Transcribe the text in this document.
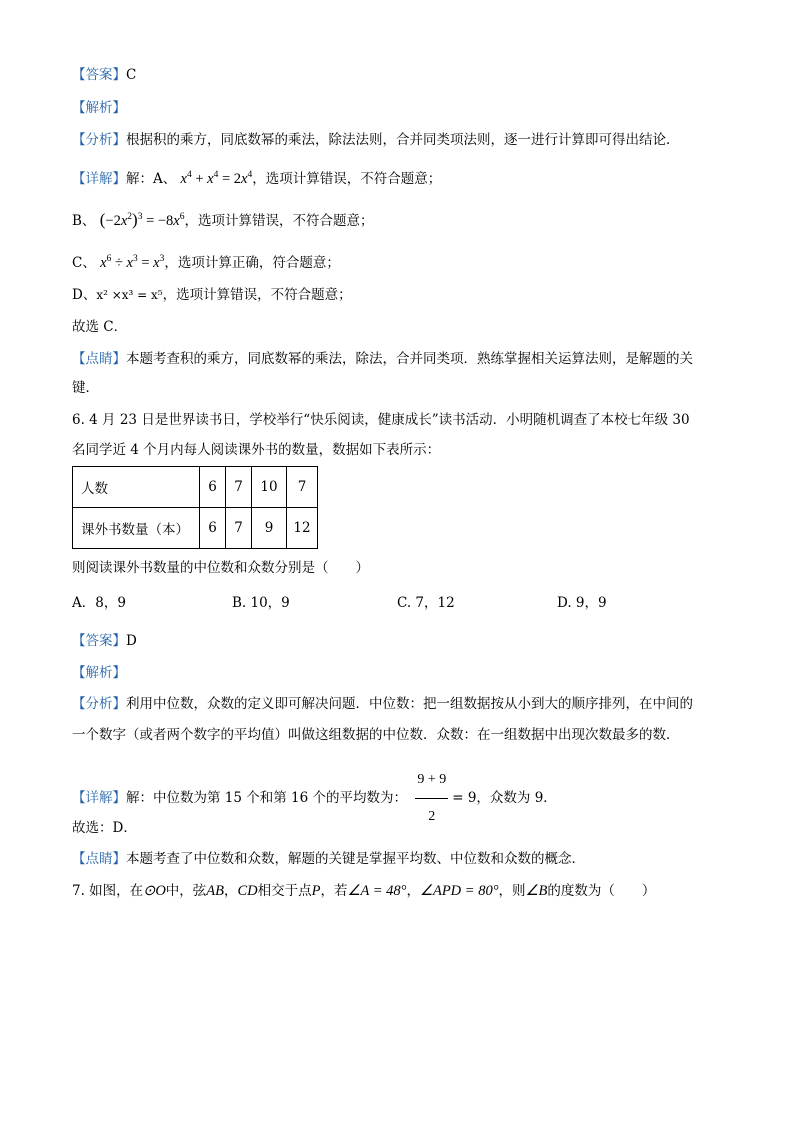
【答案】C
【解析】
【分析】根据积的乘方，同底数幂的乘法，除法法则，合并同类项法则，逐一进行计算即可得出结论．
【详解】解：A、 $x^4 + x^4 = 2x^4$，选项计算错误，不符合题意；
B、 $(-2x^2)^3 = -8x^6$，选项计算错误，不符合题意；
C、 $x^6 \div x^3 = x^3$，选项计算正确，符合题意；
D、x² ×x³ = x⁵，选项计算错误，不符合题意；
故选 C．
【点睛】本题考查积的乘方，同底数幂的乘法，除法，合并同类项．熟练掌握相关运算法则，是解题的关
键．
6. 4 月 23 日是世界读书日，学校举行“快乐阅读，健康成长”读书活动．小明随机调查了本校七年级 30
名同学近 4 个月内每人阅读课外书的数量，数据如下表所示：
人数	6	7	10	7
课外书数量（本）	6	7	9	12
则阅读课外书数量的中位数和众数分别是（　　）
A．8，9	B. 10，9	C. 7，12	D. 9，9
【答案】D
【解析】
【分析】利用中位数，众数的定义即可解决问题．中位数：把一组数据按从小到大的顺序排列，在中间的
一个数字（或者两个数字的平均值）叫做这组数据的中位数．众数：在一组数据中出现次数最多的数．
【详解】解：中位数为第 15 个和第 16 个的平均数为： $\frac{9 + 9}{2} = 9$，众数为 9．
故选：D．
【点睛】本题考查了中位数和众数，解题的关键是掌握平均数、中位数和众数的概念．
7. 如图，在⊙O中，弦AB，CD相交于点P，若∠A = 48°，∠APD = 80°，则∠B的度数为（　　）
